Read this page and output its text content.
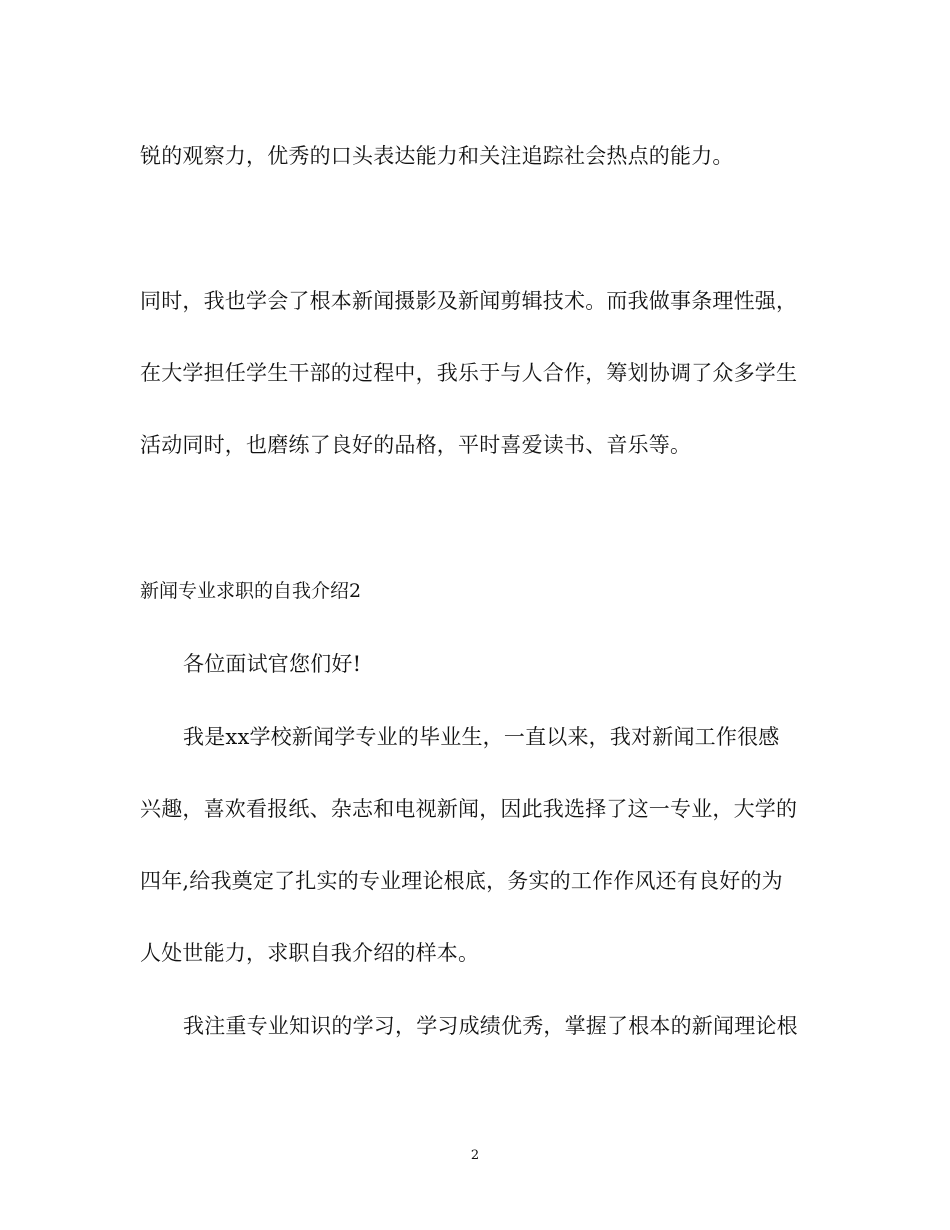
锐的观察力，优秀的口头表达能力和关注追踪社会热点的能力。
同时，我也学会了根本新闻摄影及新闻剪辑技术。而我做事条理性强，
在大学担任学生干部的过程中，我乐于与人合作，筹划协调了众多学生
活动同时，也磨练了良好的品格，平时喜爱读书、音乐等。
新闻专业求职的自我介绍2
各位面试官您们好!
我是xx学校新闻学专业的毕业生，一直以来，我对新闻工作很感
兴趣，喜欢看报纸、杂志和电视新闻，因此我选择了这一专业，大学的
四年,给我奠定了扎实的专业理论根底，务实的工作作风还有良好的为
人处世能力，求职自我介绍的样本。
我注重专业知识的学习，学习成绩优秀，掌握了根本的新闻理论根
2
